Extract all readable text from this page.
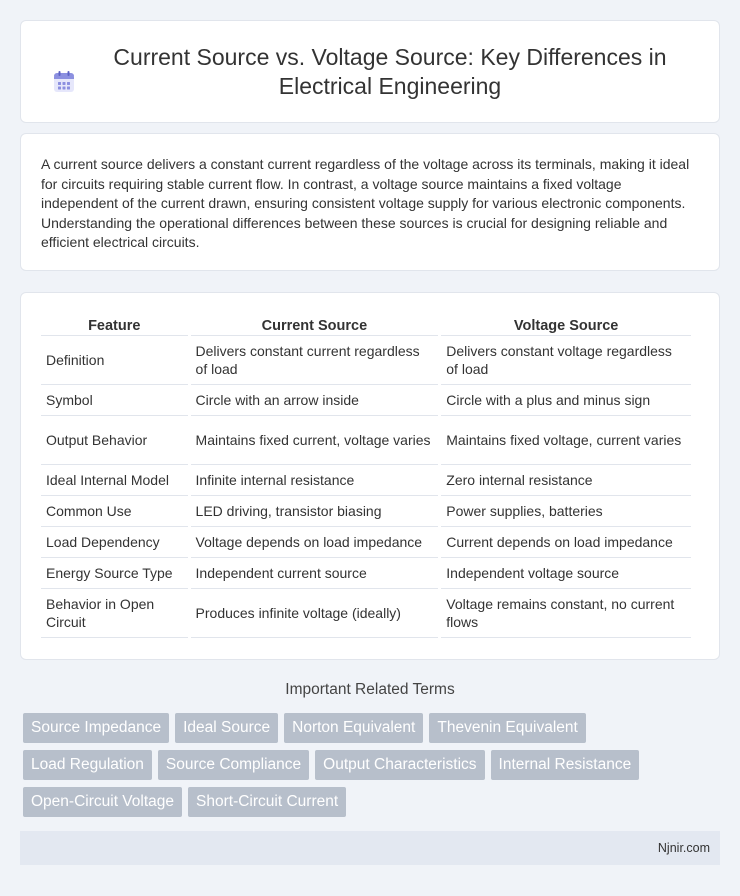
Current Source vs. Voltage Source: Key Differences in Electrical Engineering

A current source delivers a constant current regardless of the voltage across its terminals, making it ideal for circuits requiring stable current flow. In contrast, a voltage source maintains a fixed voltage independent of the current drawn, ensuring consistent voltage supply for various electronic components. Understanding the operational differences between these sources is crucial for designing reliable and efficient electrical circuits.

Feature	Current Source	Voltage Source
Definition	Delivers constant current regardless of load	Delivers constant voltage regardless of load
Symbol	Circle with an arrow inside	Circle with a plus and minus sign
Output Behavior	Maintains fixed current, voltage varies	Maintains fixed voltage, current varies
Ideal Internal Model	Infinite internal resistance	Zero internal resistance
Common Use	LED driving, transistor biasing	Power supplies, batteries
Load Dependency	Voltage depends on load impedance	Current depends on load impedance
Energy Source Type	Independent current source	Independent voltage source
Behavior in Open Circuit	Produces infinite voltage (ideally)	Voltage remains constant, no current flows
Important Related Terms
Source Impedance	Ideal Source	Norton Equivalent	Thevenin Equivalent
Load Regulation	Source Compliance	Output Characteristics	Internal Resistance
Open-Circuit Voltage	Short-Circuit Current
Njnir.com
